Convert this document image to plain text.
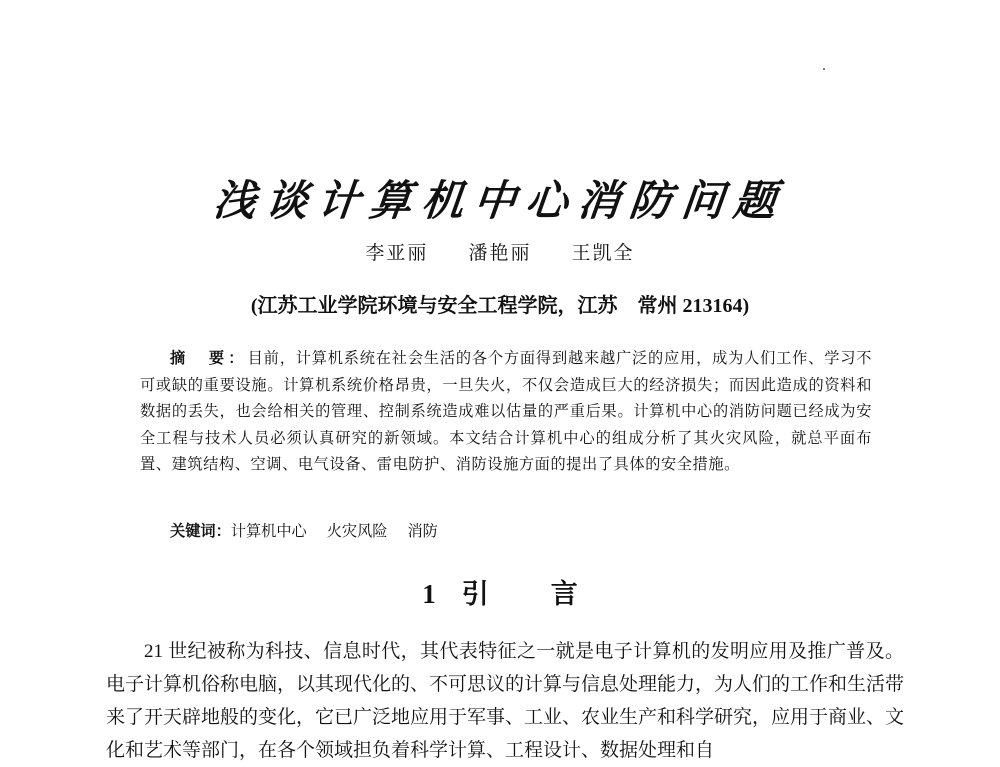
浅谈计算机中心消防问题
李亚丽 潘艳丽 王凯全
(江苏工业学院环境与安全工程学院，江苏　常州 213164)
摘　要：目前，计算机系统在社会生活的各个方面得到越来越广泛的应用，成为人们工作、学习不可或缺的重要设施。计算机系统价格昂贵，一旦失火，不仅会造成巨大的经济损失；而因此造成的资料和数据的丢失，也会给相关的管理、控制系统造成难以估量的严重后果。计算机中心的消防问题已经成为安全工程与技术人员必须认真研究的新领域。本文结合计算机中心的组成分析了其火灾风险，就总平面布置、建筑结构、空调、电气设备、雷电防护、消防设施方面的提出了具体的安全措施。
关键词：计算机中心 火灾风险 消防
1 引 言
21 世纪被称为科技、信息时代，其代表特征之一就是电子计算机的发明应用及推广普及。电子计算机俗称电脑，以其现代化的、不可思议的计算与信息处理能力，为人们的工作和生活带来了开天辟地般的变化，它已广泛地应用于军事、工业、农业生产和科学研究，应用于商业、文化和艺术等部门，在各个领域担负着科学计算、工程设计、数据处理和自
